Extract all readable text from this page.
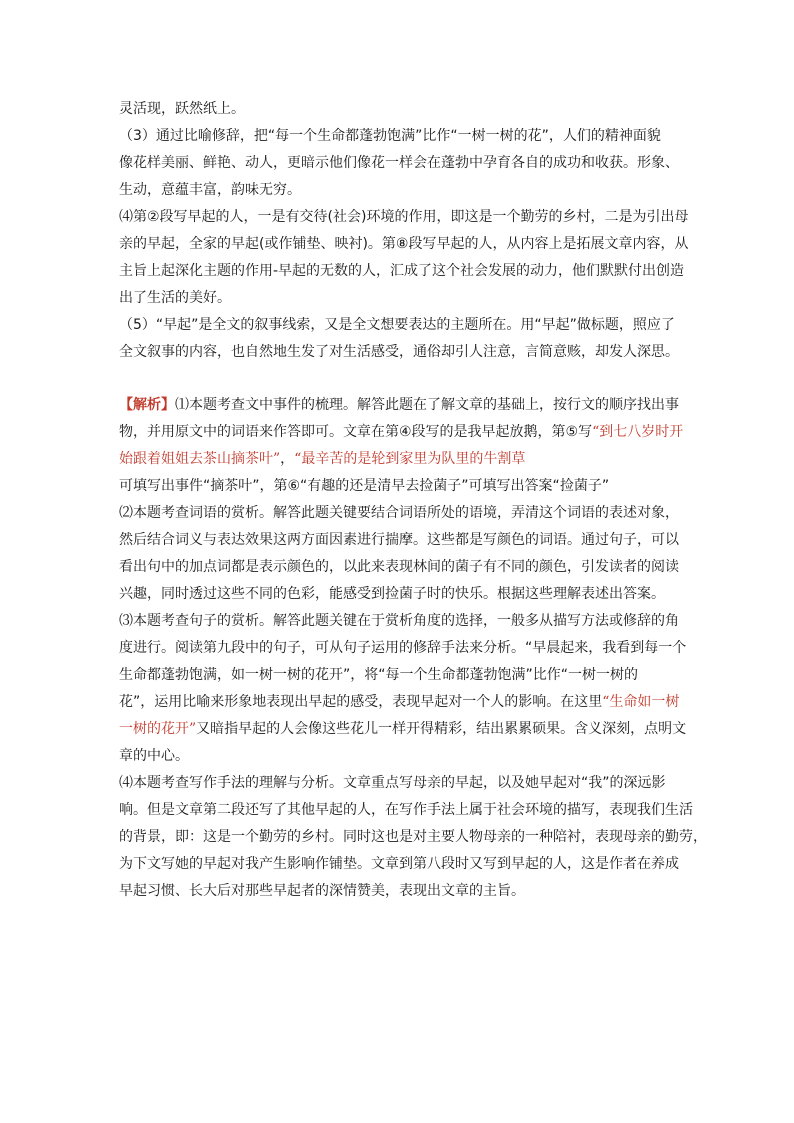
灵活现，跃然纸上。
（3）通过比喻修辞，把“每一个生命都蓬勃饱满”比作“一树一树的花”，人们的精神面貌
像花样美丽、鲜艳、动人，更暗示他们像花一样会在蓬勃中孕育各自的成功和收获。形象、
生动，意蕴丰富，韵味无穷。
⑷第②段写早起的人，一是有交待(社会)环境的作用，即这是一个勤劳的乡村，二是为引出母
亲的早起，全家的早起(或作铺垫、映衬)。第⑧段写早起的人，从内容上是拓展文章内容，从
主旨上起深化主题的作用-早起的无数的人，汇成了这个社会发展的动力，他们默默付出创造
出了生活的美好。
（5）“早起”是全文的叙事线索，又是全文想要表达的主题所在。用“早起”做标题，照应了
全文叙事的内容，也自然地生发了对生活感受，通俗却引人注意，言简意赅，却发人深思。
【解析】⑴本题考查文中事件的梳理。解答此题在了解文章的基础上，按行文的顺序找出事
物，并用原文中的词语来作答即可。文章在第④段写的是我早起放鹅，第⑤写“到七八岁时开
始跟着姐姐去茶山摘茶叶”，“最辛苦的是轮到家里为队里的牛割草
可填写出事件“摘茶叶”，第⑥“有趣的还是清早去捡菌子”可填写出答案“捡菌子”
⑵本题考查词语的赏析。解答此题关键要结合词语所处的语境，弄清这个词语的表述对象，
然后结合词义与表达效果这两方面因素进行揣摩。这些都是写颜色的词语。通过句子，可以
看出句中的加点词都是表示颜色的，以此来表现林间的菌子有不同的颜色，引发读者的阅读
兴趣，同时透过这些不同的色彩，能感受到捡菌子时的快乐。根据这些理解表述出答案。
⑶本题考查句子的赏析。解答此题关键在于赏析角度的选择，一般多从描写方法或修辞的角
度进行。阅读第九段中的句子，可从句子运用的修辞手法来分析。“早晨起来，我看到每一个
生命都蓬勃饱满，如一树一树的花开”，将“每一个生命都蓬勃饱满”比作“一树一树的
花”，运用比喻来形象地表现出早起的感受，表现早起对一个人的影响。在这里“生命如一树
一树的花开”又暗指早起的人会像这些花儿一样开得精彩，结出累累硕果。含义深刻，点明文
章的中心。
⑷本题考查写作手法的理解与分析。文章重点写母亲的早起，以及她早起对“我”的深远影
响。但是文章第二段还写了其他早起的人，在写作手法上属于社会环境的描写，表现我们生活
的背景，即：这是一个勤劳的乡村。同时这也是对主要人物母亲的一种陪衬，表现母亲的勤劳，
为下文写她的早起对我产生影响作铺垫。文章到第八段时又写到早起的人，这是作者在养成
早起习惯、长大后对那些早起者的深情赞美，表现出文章的主旨。
